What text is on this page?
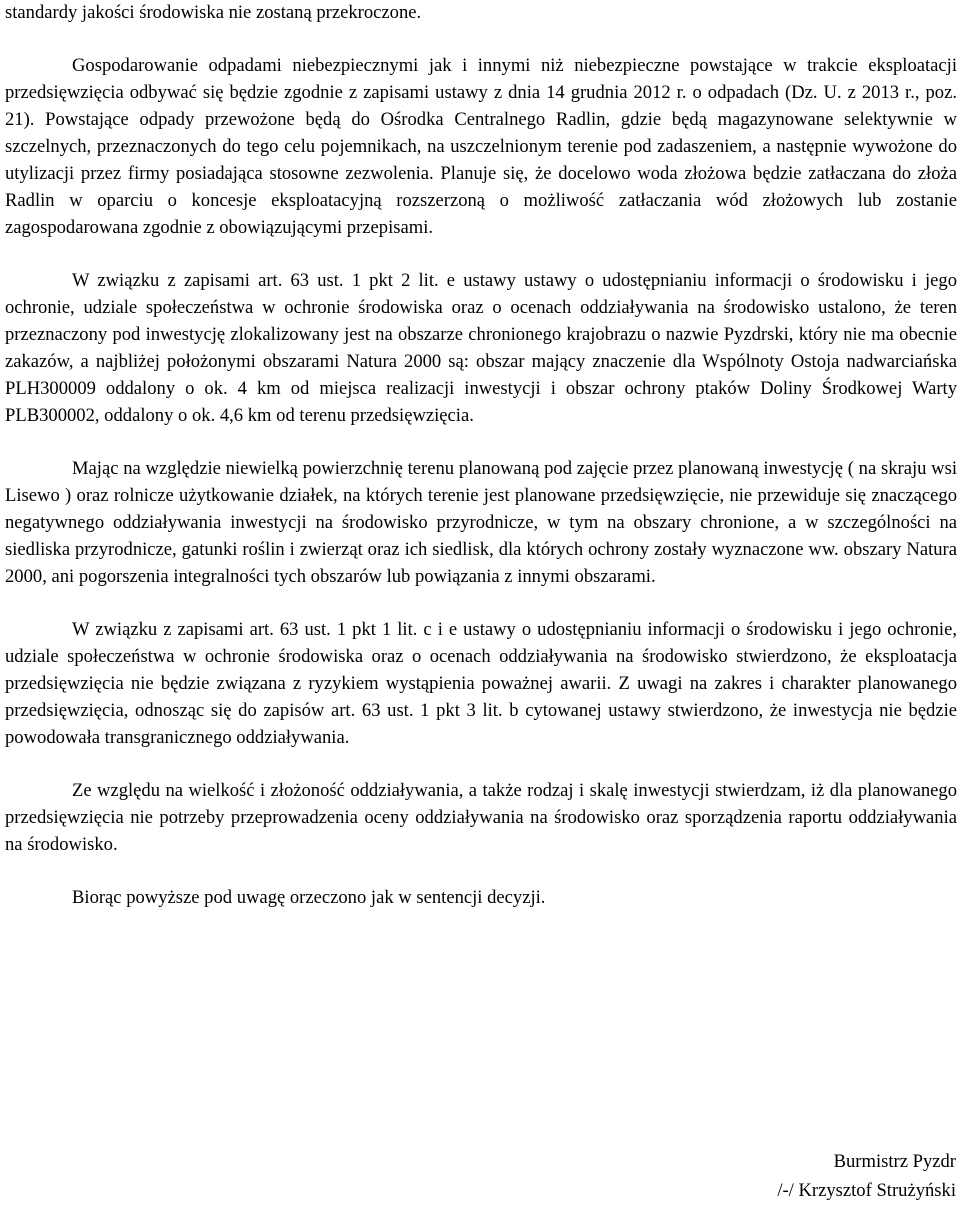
standardy jakości środowiska nie zostaną przekroczone.

Gospodarowanie odpadami niebezpiecznymi jak i innymi niż niebezpieczne powstające w trakcie eksploatacji przedsięwzięcia odbywać się będzie zgodnie z zapisami ustawy z dnia 14 grudnia 2012 r. o odpadach (Dz. U. z 2013 r., poz. 21). Powstające odpady przewożone będą do Ośrodka Centralnego Radlin, gdzie będą magazynowane selektywnie w szczelnych, przeznaczonych do tego celu pojemnikach, na uszczelnionym terenie pod zadaszeniem, a następnie wywożone do utylizacji przez firmy posiadająca stosowne zezwolenia. Planuje się, że docelowo woda złożowa będzie zatłaczana do złoża Radlin w oparciu o koncesje eksploatacyjną rozszerzoną o możliwość zatłaczania wód złożowych lub zostanie zagospodarowana zgodnie z obowiązującymi przepisami.

W związku z zapisami art. 63 ust. 1 pkt 2 lit. e ustawy ustawy o udostępnianiu informacji o środowisku i jego ochronie, udziale społeczeństwa w ochronie środowiska oraz o ocenach oddziaływania na środowisko ustalono, że teren przeznaczony pod inwestycję zlokalizowany jest na obszarze chronionego krajobrazu o nazwie Pyzdrski, który nie ma obecnie zakazów, a najbliżej położonymi obszarami Natura 2000 są: obszar mający znaczenie dla Wspólnoty Ostoja nadwarciańska PLH300009 oddalony o ok. 4 km od miejsca realizacji inwestycji i obszar ochrony ptaków Doliny Środkowej Warty PLB300002, oddalony o ok. 4,6 km od terenu przedsięwzięcia.

Mając na względzie niewielką powierzchnię terenu planowaną pod zajęcie przez planowaną inwestycję ( na skraju wsi Lisewo ) oraz rolnicze użytkowanie działek, na których terenie jest planowane przedsięwzięcie, nie przewiduje się znaczącego negatywnego oddziaływania inwestycji na środowisko przyrodnicze, w tym na obszary chronione, a w szczególności na siedliska przyrodnicze, gatunki roślin i zwierząt oraz ich siedlisk, dla których ochrony zostały wyznaczone ww. obszary Natura 2000, ani pogorszenia integralności tych obszarów lub powiązania z innymi obszarami.

W związku z zapisami art. 63 ust. 1 pkt 1 lit. c i e ustawy o udostępnianiu informacji o środowisku i jego ochronie, udziale społeczeństwa w ochronie środowiska oraz o ocenach oddziaływania na środowisko stwierdzono, że eksploatacja przedsięwzięcia nie będzie związana z ryzykiem wystąpienia poważnej awarii. Z uwagi na zakres i charakter planowanego przedsięwzięcia, odnosząc się do zapisów art. 63 ust. 1 pkt 3 lit. b cytowanej ustawy stwierdzono, że inwestycja nie będzie powodowała transgranicznego oddziaływania.

Ze względu na wielkość i złożoność oddziaływania, a także rodzaj i skalę inwestycji stwierdzam, iż dla planowanego przedsięwzięcia nie potrzeby przeprowadzenia oceny oddziaływania na środowisko oraz sporządzenia raportu oddziaływania na środowisko.

Biorąc powyższe pod uwagę orzeczono jak w sentencji decyzji.

Burmistrz Pyzdr
/-/ Krzysztof Strużyński
